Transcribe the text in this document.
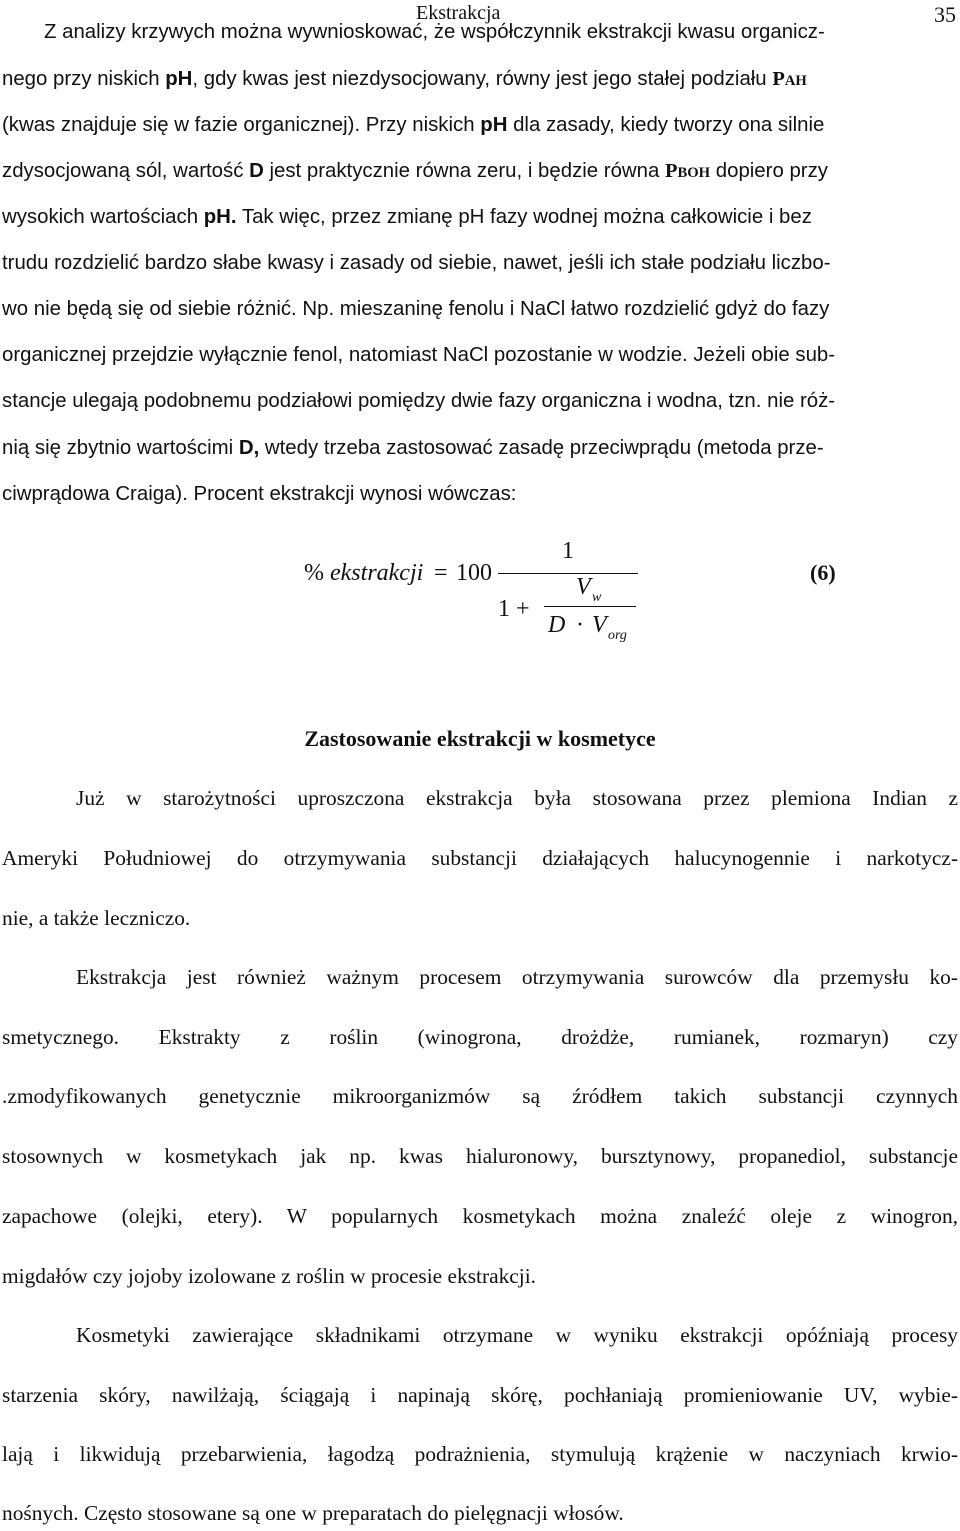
Ekstrakcja	35
Z analizy krzywych można wywnioskować, że współczynnik ekstrakcji kwasu organicz-
nego przy niskich pH, gdy kwas jest niezdysocjowany, równy jest jego stałej podziału PAH
(kwas znajduje się w fazie organicznej). Przy niskich pH dla zasady, kiedy tworzy ona silnie
zdysocjowaną sól, wartość D jest praktycznie równa zeru, i będzie równa PBOH dopiero przy
wysokich wartościach pH. Tak więc, przez zmianę pH fazy wodnej można całkowicie i bez
trudu rozdzielić bardzo słabe kwasy i zasady od siebie, nawet, jeśli ich stałe podziału liczbo-
wo nie będą się od siebie różnić. Np. mieszaninę fenolu i NaCl łatwo rozdzielić gdyż do fazy
organicznej przejdzie wyłącznie fenol, natomiast NaCl pozostanie w wodzie. Jeżeli obie sub-
stancje ulegają podobnemu podziałowi pomiędzy dwie fazy organiczna i wodna, tzn. nie róż-
nią się zbytnio wartościmi D, wtedy trzeba zastosować zasadę przeciwprądu (metoda prze-
ciwprądowa Craiga). Procent ekstrakcji wynosi wówczas:
% ekstrakcji = 100
1
1 +
V w
D · V org
(6)
Zastosowanie ekstrakcji w kosmetyce
Już w starożytności uproszczona ekstrakcja była stosowana przez plemiona Indian z
Ameryki Południowej do otrzymywania substancji działających halucynogennie i narkotycz-
nie, a także leczniczo.
Ekstrakcja jest również ważnym procesem otrzymywania surowców dla przemysłu ko-
smetycznego. Ekstrakty z roślin (winogrona, drożdże, rumianek, rozmaryn) czy
.zmodyfikowanych genetycznie mikroorganizmów są źródłem takich substancji czynnych
stosownych w kosmetykach jak np. kwas hialuronowy, bursztynowy, propanediol, substancje
zapachowe (olejki, etery). W popularnych kosmetykach można znaleźć oleje z winogron,
migdałów czy jojoby izolowane z roślin w procesie ekstrakcji.
Kosmetyki zawierające składnikami otrzymane w wyniku ekstrakcji opóźniają procesy
starzenia skóry, nawilżają, ściągają i napinają skórę, pochłaniają promieniowanie UV, wybie-
lają i likwidują przebarwienia, łagodzą podrażnienia, stymulują krążenie w naczyniach krwio-
nośnych. Często stosowane są one w preparatach do pielęgnacji włosów.
